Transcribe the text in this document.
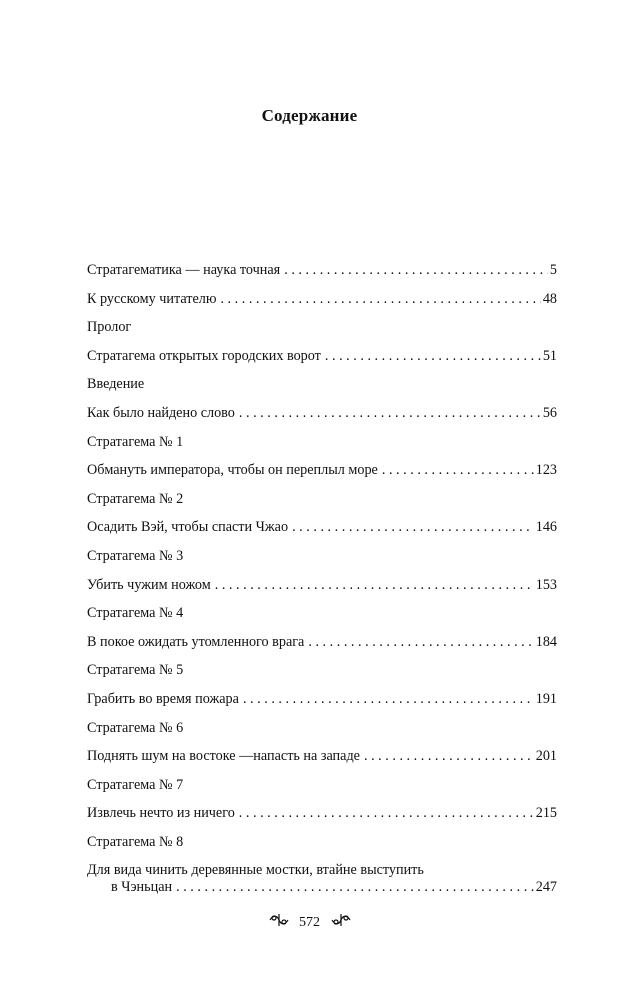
Содержание
Стратагематика — наука точная . . .	5
К русскому читателю . . .	48
Пролог
Стратагема открытых городских ворот . . .	51
Введение
Как было найдено слово . . .	56
Стратагема № 1
Обмануть императора, чтобы он переплыл море . . .	123
Стратагема № 2
Осадить Вэй, чтобы спасти Чжао . . .	146
Стратагема № 3
Убить чужим ножом . . .	153
Стратагема № 4
В покое ожидать утомленного врага . . .	184
Стратагема № 5
Грабить во время пожара . . .	191
Стратагема № 6
Поднять шум на востоке —напасть на западе . . .	201
Стратагема № 7
Извлечь нечто из ничего . . .	215
Стратагема № 8
Для вида чинить деревянные мостки, втайне выступить
в Чэньцан . . .	247
572
